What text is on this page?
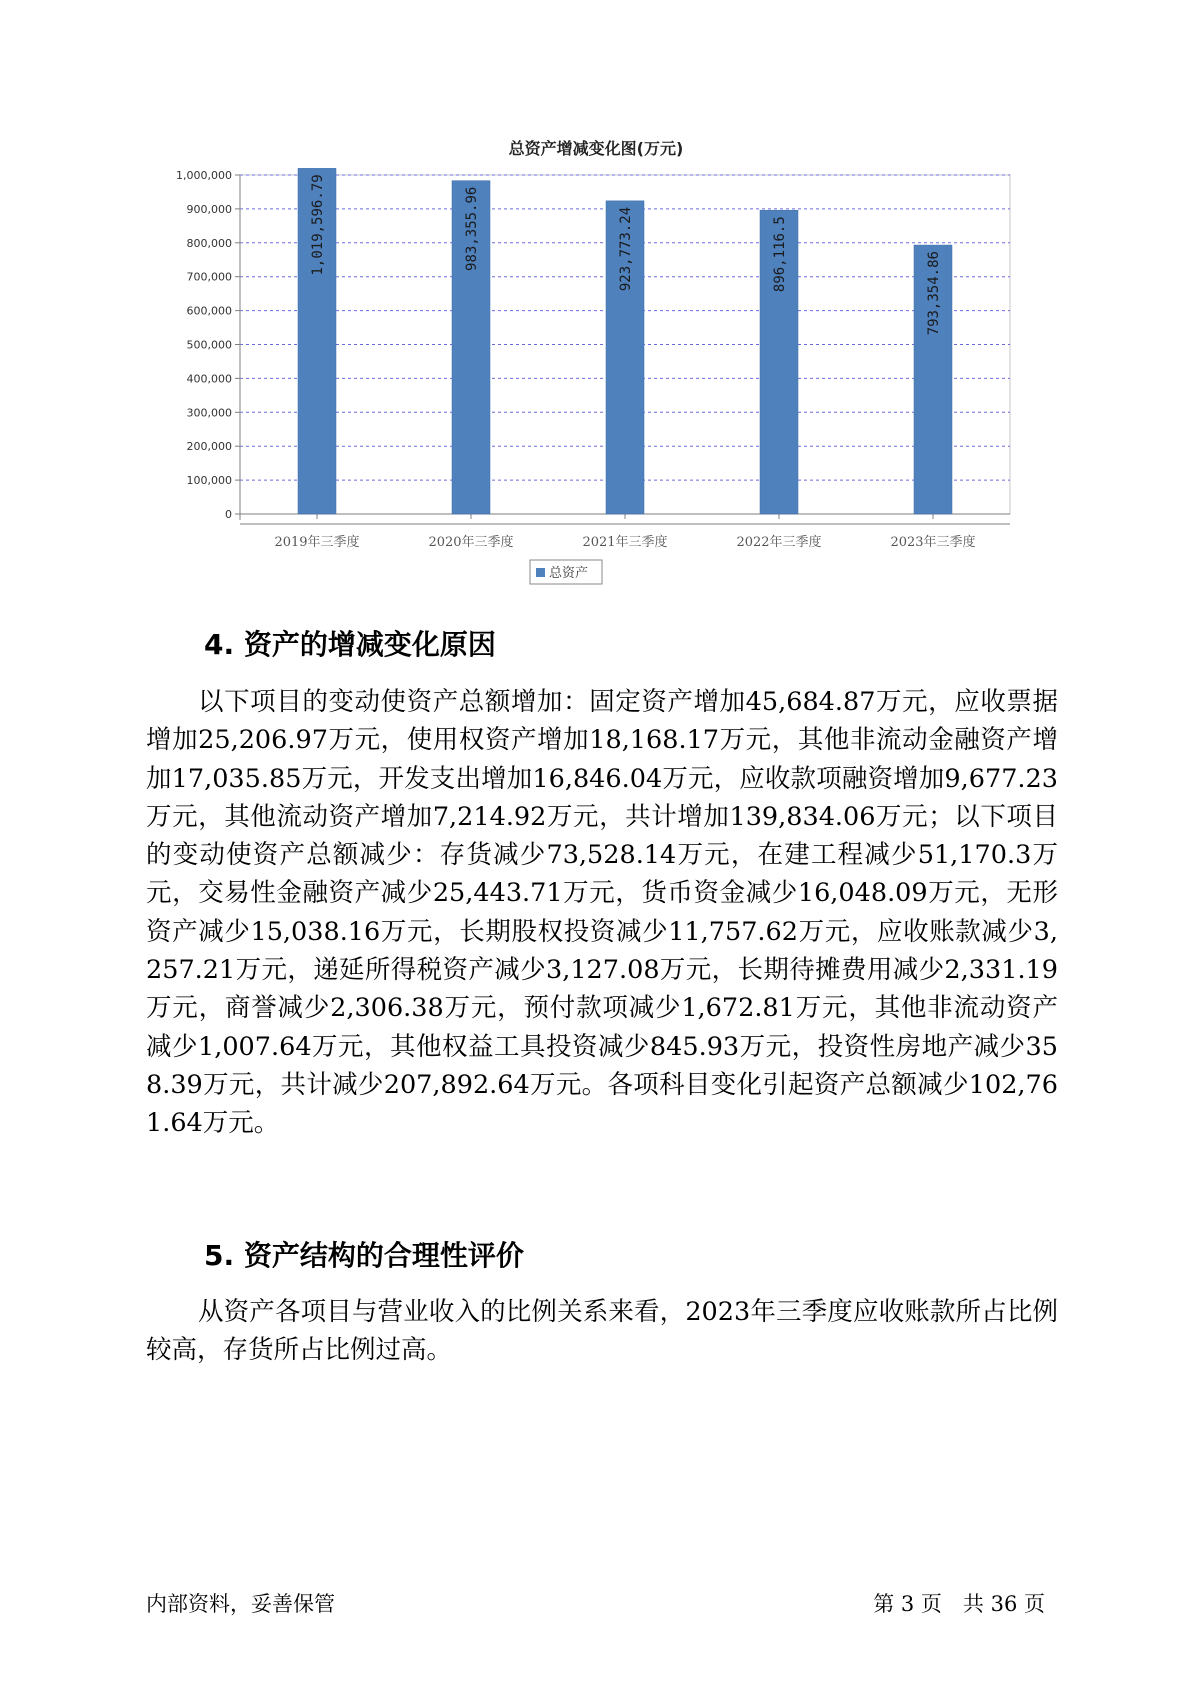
总资产增减变化图(万元)
0
100,000
200,000
300,000
400,000
500,000
600,000
700,000
800,000
900,000
1,000,000
2019年三季度	2020年三季度	2021年三季度	2022年三季度	2023年三季度
1,019,596.79	983,355.96	923,773.24	896,116.5	793,354.86
总资产
4. 资产的增减变化原因

以下项目的变动使资产总额增加：固定资产增加45,684.87万元，应收票据增加25,206.97万元，使用权资产增加18,168.17万元，其他非流动金融资产增加17,035.85万元，开发支出增加16,846.04万元，应收款项融资增加9,677.23万元，其他流动资产增加7,214.92万元，共计增加139,834.06万元；以下项目的变动使资产总额减少：存货减少73,528.14万元，在建工程减少51,170.3万元，交易性金融资产减少25,443.71万元，货币资金减少16,048.09万元，无形资产减少15,038.16万元，长期股权投资减少11,757.62万元，应收账款减少3,257.21万元，递延所得税资产减少3,127.08万元，长期待摊费用减少2,331.19万元，商誉减少2,306.38万元，预付款项减少1,672.81万元，其他非流动资产减少1,007.64万元，其他权益工具投资减少845.93万元，投资性房地产减少358.39万元，共计减少207,892.64万元。各项科目变化引起资产总额减少102,761.64万元。

5. 资产结构的合理性评价

从资产各项目与营业收入的比例关系来看，2023年三季度应收账款所占比例较高，存货所占比例过高。

内部资料，妥善保管	第 3 页　共 36 页
